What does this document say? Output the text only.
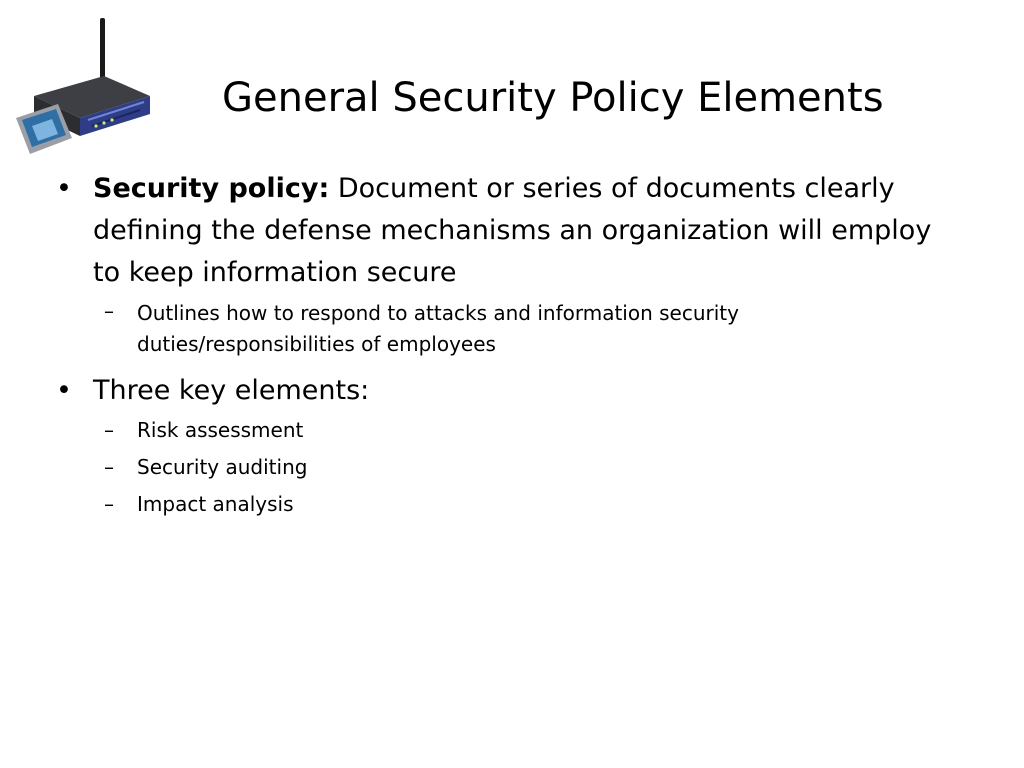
General Security Policy Elements
• Security policy: Document or series of documents clearly defining the defense mechanisms an organization will employ to keep information secure
– Outlines how to respond to attacks and information security duties/responsibilities of employees
• Three key elements:
– Risk assessment
– Security auditing
– Impact analysis
